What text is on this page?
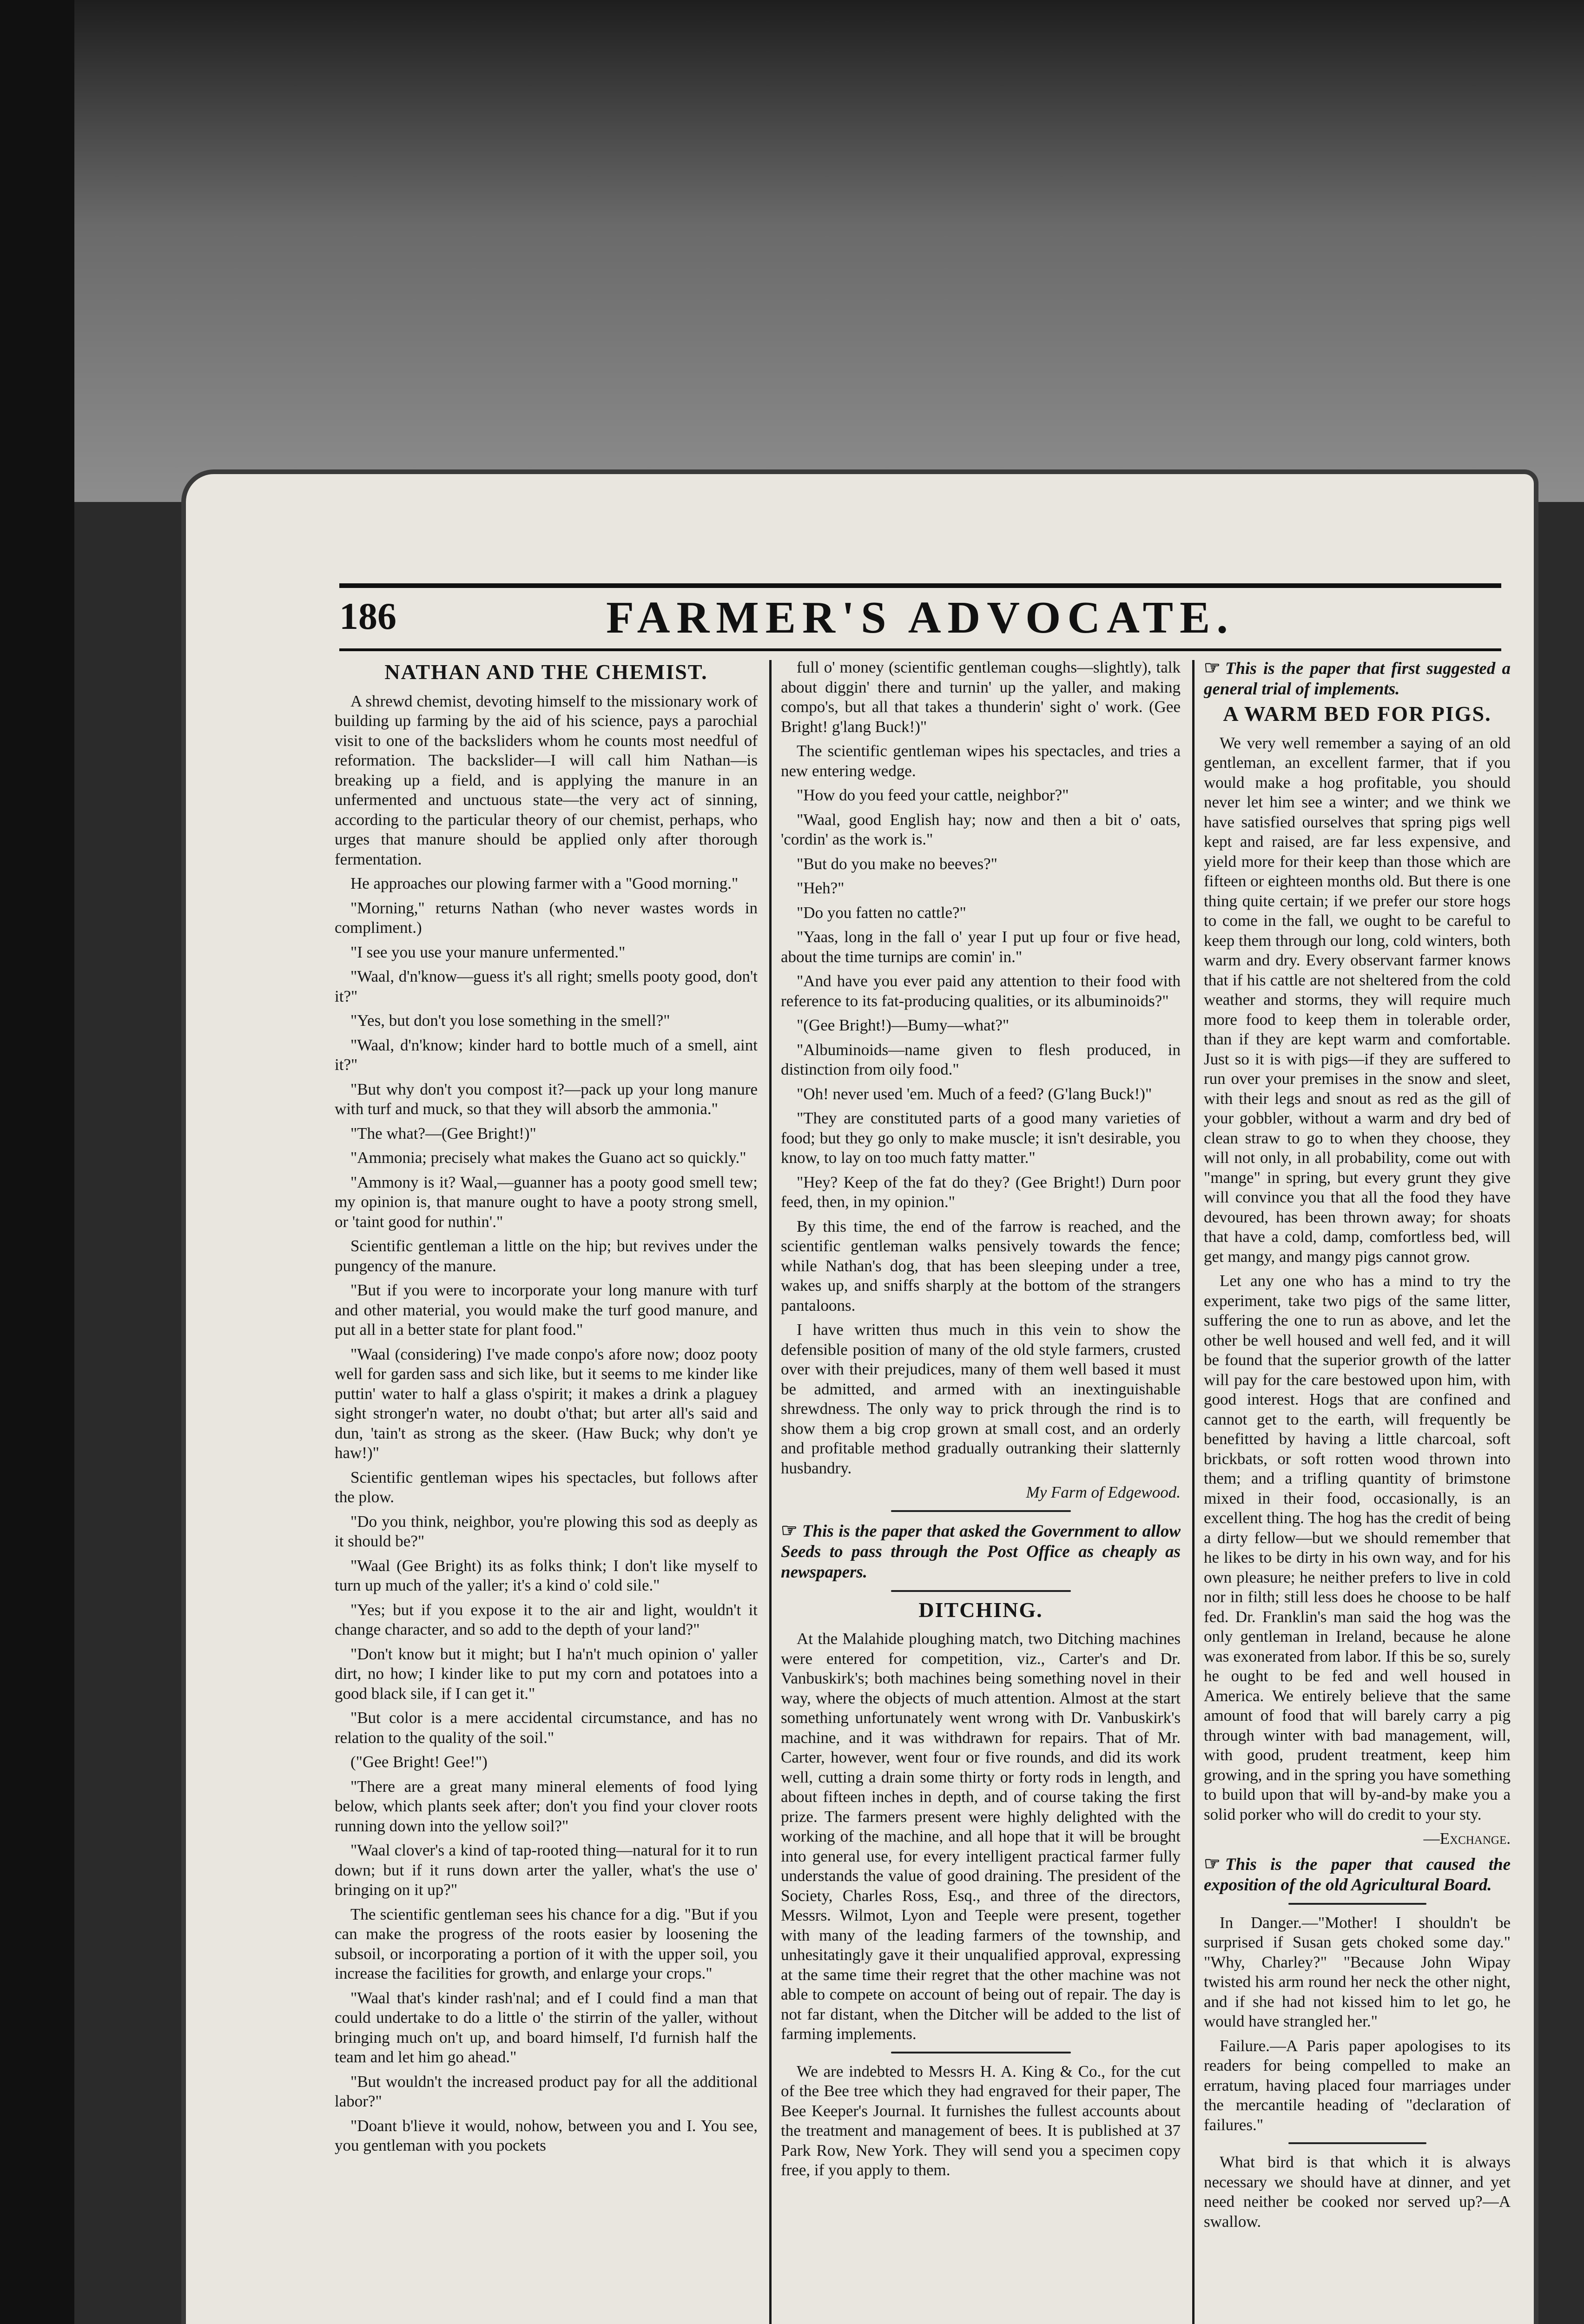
186	FARMER'S ADVOCATE.
NATHAN AND THE CHEMIST.

A shrewd chemist, devoting himself to the missionary work of building up farming by the aid of his science, pays a parochial visit to one of the backsliders whom he counts most needful of reformation. The backslider—I will call him Nathan—is breaking up a field, and is applying the manure in an unfermented and unctuous state—the very act of sinning, according to the particular theory of our chemist, perhaps, who urges that manure should be applied only after thorough fermentation.

He approaches our plowing farmer with a "Good morning."

"Morning," returns Nathan (who never wastes words in compliment.)

"I see you use your manure unfermented."

"Waal, d'n'know—guess it's all right; smells pooty good, don't it?"

"Yes, but don't you lose something in the smell?"

"Waal, d'n'know; kinder hard to bottle much of a smell, aint it?"

"But why don't you compost it?—pack up your long manure with turf and muck, so that they will absorb the ammonia."

"The what?—(Gee Bright!)"

"Ammonia; precisely what makes the Guano act so quickly."

"Ammony is it? Waal,—guanner has a pooty good smell tew; my opinion is, that manure ought to have a pooty strong smell, or 'taint good for nuthin'."

Scientific gentleman a little on the hip; but revives under the pungency of the manure.

"But if you were to incorporate your long manure with turf and other material, you would make the turf good manure, and put all in a better state for plant food."

"Waal (considering) I've made conpo's afore now; dooz pooty well for garden sass and sich like, but it seems to me kinder like puttin' water to half a glass o'spirit; it makes a drink a plaguey sight stronger'n water, no doubt o'that; but arter all's said and dun, 'tain't as strong as the skeer. (Haw Buck; why don't ye haw!)"

Scientific gentleman wipes his spectacles, but follows after the plow.

"Do you think, neighbor, you're plowing this sod as deeply as it should be?"

"Waal (Gee Bright) its as folks think; I don't like myself to turn up much of the yaller; it's a kind o' cold sile."

"Yes; but if you expose it to the air and light, wouldn't it change character, and so add to the depth of your land?"

"Don't know but it might; but I ha'n't much opinion o' yaller dirt, no how; I kinder like to put my corn and potatoes into a good black sile, if I can get it."

"But color is a mere accidental circumstance, and has no relation to the quality of the soil."

("Gee Bright! Gee!")

"There are a great many mineral elements of food lying below, which plants seek after; don't you find your clover roots running down into the yellow soil?"

"Waal clover's a kind of tap-rooted thing—natural for it to run down; but if it runs down arter the yaller, what's the use o' bringing on it up?"

The scientific gentleman sees his chance for a dig. "But if you can make the progress of the roots easier by loosening the subsoil, or incorporating a portion of it with the upper soil, you increase the facilities for growth, and enlarge your crops."

"Waal that's kinder rash'nal; and ef I could find a man that could undertake to do a little o' the stirrin of the yaller, without bringing much on't up, and board himself, I'd furnish half the team and let him go ahead."

"But wouldn't the increased product pay for all the additional labor?"

"Doant b'lieve it would, nohow, between you and I. You see, you gentleman with you pockets

full o' money (scientific gentleman coughs—slightly), talk about diggin' there and turnin' up the yaller, and making compo's, but all that takes a thunderin' sight o' work. (Gee Bright! g'lang Buck!)"

The scientific gentleman wipes his spectacles, and tries a new entering wedge.

"How do you feed your cattle, neighbor?"

"Waal, good English hay; now and then a bit o' oats, 'cordin' as the work is."

"But do you make no beeves?"

"Heh?"

"Do you fatten no cattle?"

"Yaas, long in the fall o' year I put up four or five head, about the time turnips are comin' in."

"And have you ever paid any attention to their food with reference to its fat-producing qualities, or its albuminoids?"

"(Gee Bright!)—Bumy—what?"

"Albuminoids—name given to flesh produced, in distinction from oily food."

"Oh! never used 'em. Much of a feed? (G'lang Buck!)"

"They are constituted parts of a good many varieties of food; but they go only to make muscle; it isn't desirable, you know, to lay on too much fatty matter."

"Hey? Keep of the fat do they? (Gee Bright!) Durn poor feed, then, in my opinion."

By this time, the end of the farrow is reached, and the scientific gentleman walks pensively towards the fence; while Nathan's dog, that has been sleeping under a tree, wakes up, and sniffs sharply at the bottom of the strangers pantaloons.

I have written thus much in this vein to show the defensible position of many of the old style farmers, crusted over with their prejudices, many of them well based it must be admitted, and armed with an inextinguishable shrewdness. The only way to prick through the rind is to show them a big crop grown at small cost, and an orderly and profitable method gradually outranking their slatternly husbandry.

My Farm of Edgewood.

☞ This is the paper that asked the Government to allow Seeds to pass through the Post Office as cheaply as newspapers.

DITCHING.

At the Malahide ploughing match, two Ditching machines were entered for competition, viz., Carter's and Dr. Vanbuskirk's; both machines being something novel in their way, where the objects of much attention. Almost at the start something unfortunately went wrong with Dr. Vanbuskirk's machine, and it was withdrawn for repairs. That of Mr. Carter, however, went four or five rounds, and did its work well, cutting a drain some thirty or forty rods in length, and about fifteen inches in depth, and of course taking the first prize. The farmers present were highly delighted with the working of the machine, and all hope that it will be brought into general use, for every intelligent practical farmer fully understands the value of good draining. The president of the Society, Charles Ross, Esq., and three of the directors, Messrs. Wilmot, Lyon and Teeple were present, together with many of the leading farmers of the township, and unhesitatingly gave it their unqualified approval, expressing at the same time their regret that the other machine was not able to compete on account of being out of repair. The day is not far distant, when the Ditcher will be added to the list of farming implements.

We are indebted to Messrs H. A. King & Co., for the cut of the Bee tree which they had engraved for their paper, The Bee Keeper's Journal. It furnishes the fullest accounts about the treatment and management of bees. It is published at 37 Park Row, New York. They will send you a specimen copy free, if you apply to them.

☞ This is the paper that first suggested a general trial of implements.

A WARM BED FOR PIGS.

We very well remember a saying of an old gentleman, an excellent farmer, that if you would make a hog profitable, you should never let him see a winter; and we think we have satisfied ourselves that spring pigs well kept and raised, are far less expensive, and yield more for their keep than those which are fifteen or eighteen months old. But there is one thing quite certain; if we prefer our store hogs to come in the fall, we ought to be careful to keep them through our long, cold winters, both warm and dry. Every observant farmer knows that if his cattle are not sheltered from the cold weather and storms, they will require much more food to keep them in tolerable order, than if they are kept warm and comfortable. Just so it is with pigs—if they are suffered to run over your premises in the snow and sleet, with their legs and snout as red as the gill of your gobbler, without a warm and dry bed of clean straw to go to when they choose, they will not only, in all probability, come out with "mange" in spring, but every grunt they give will convince you that all the food they have devoured, has been thrown away; for shoats that have a cold, damp, comfortless bed, will get mangy, and mangy pigs cannot grow.

Let any one who has a mind to try the experiment, take two pigs of the same litter, suffering the one to run as above, and let the other be well housed and well fed, and it will be found that the superior growth of the latter will pay for the care bestowed upon him, with good interest. Hogs that are confined and cannot get to the earth, will frequently be benefitted by having a little charcoal, soft brickbats, or soft rotten wood thrown into them; and a trifling quantity of brimstone mixed in their food, occasionally, is an excellent thing. The hog has the credit of being a dirty fellow—but we should remember that he likes to be dirty in his own way, and for his own pleasure; he neither prefers to live in cold nor in filth; still less does he choose to be half fed. Dr. Franklin's man said the hog was the only gentleman in Ireland, because he alone was exonerated from labor. If this be so, surely he ought to be fed and well housed in America. We entirely believe that the same amount of food that will barely carry a pig through winter with bad management, will, with good, prudent treatment, keep him growing, and in the spring you have something to build upon that will by-and-by make you a solid porker who will do credit to your sty.

—Exchange.

☞ This is the paper that caused the exposition of the old Agricultural Board.

In Danger.—"Mother! I shouldn't be surprised if Susan gets choked some day." "Why, Charley?" "Because John Wipay twisted his arm round her neck the other night, and if she had not kissed him to let go, he would have strangled her."

Failure.—A Paris paper apologises to its readers for being compelled to make an erratum, having placed four marriages under the mercantile heading of "declaration of failures."

What bird is that which it is always necessary we should have at dinner, and yet need neither be cooked nor served up?—A swallow.
